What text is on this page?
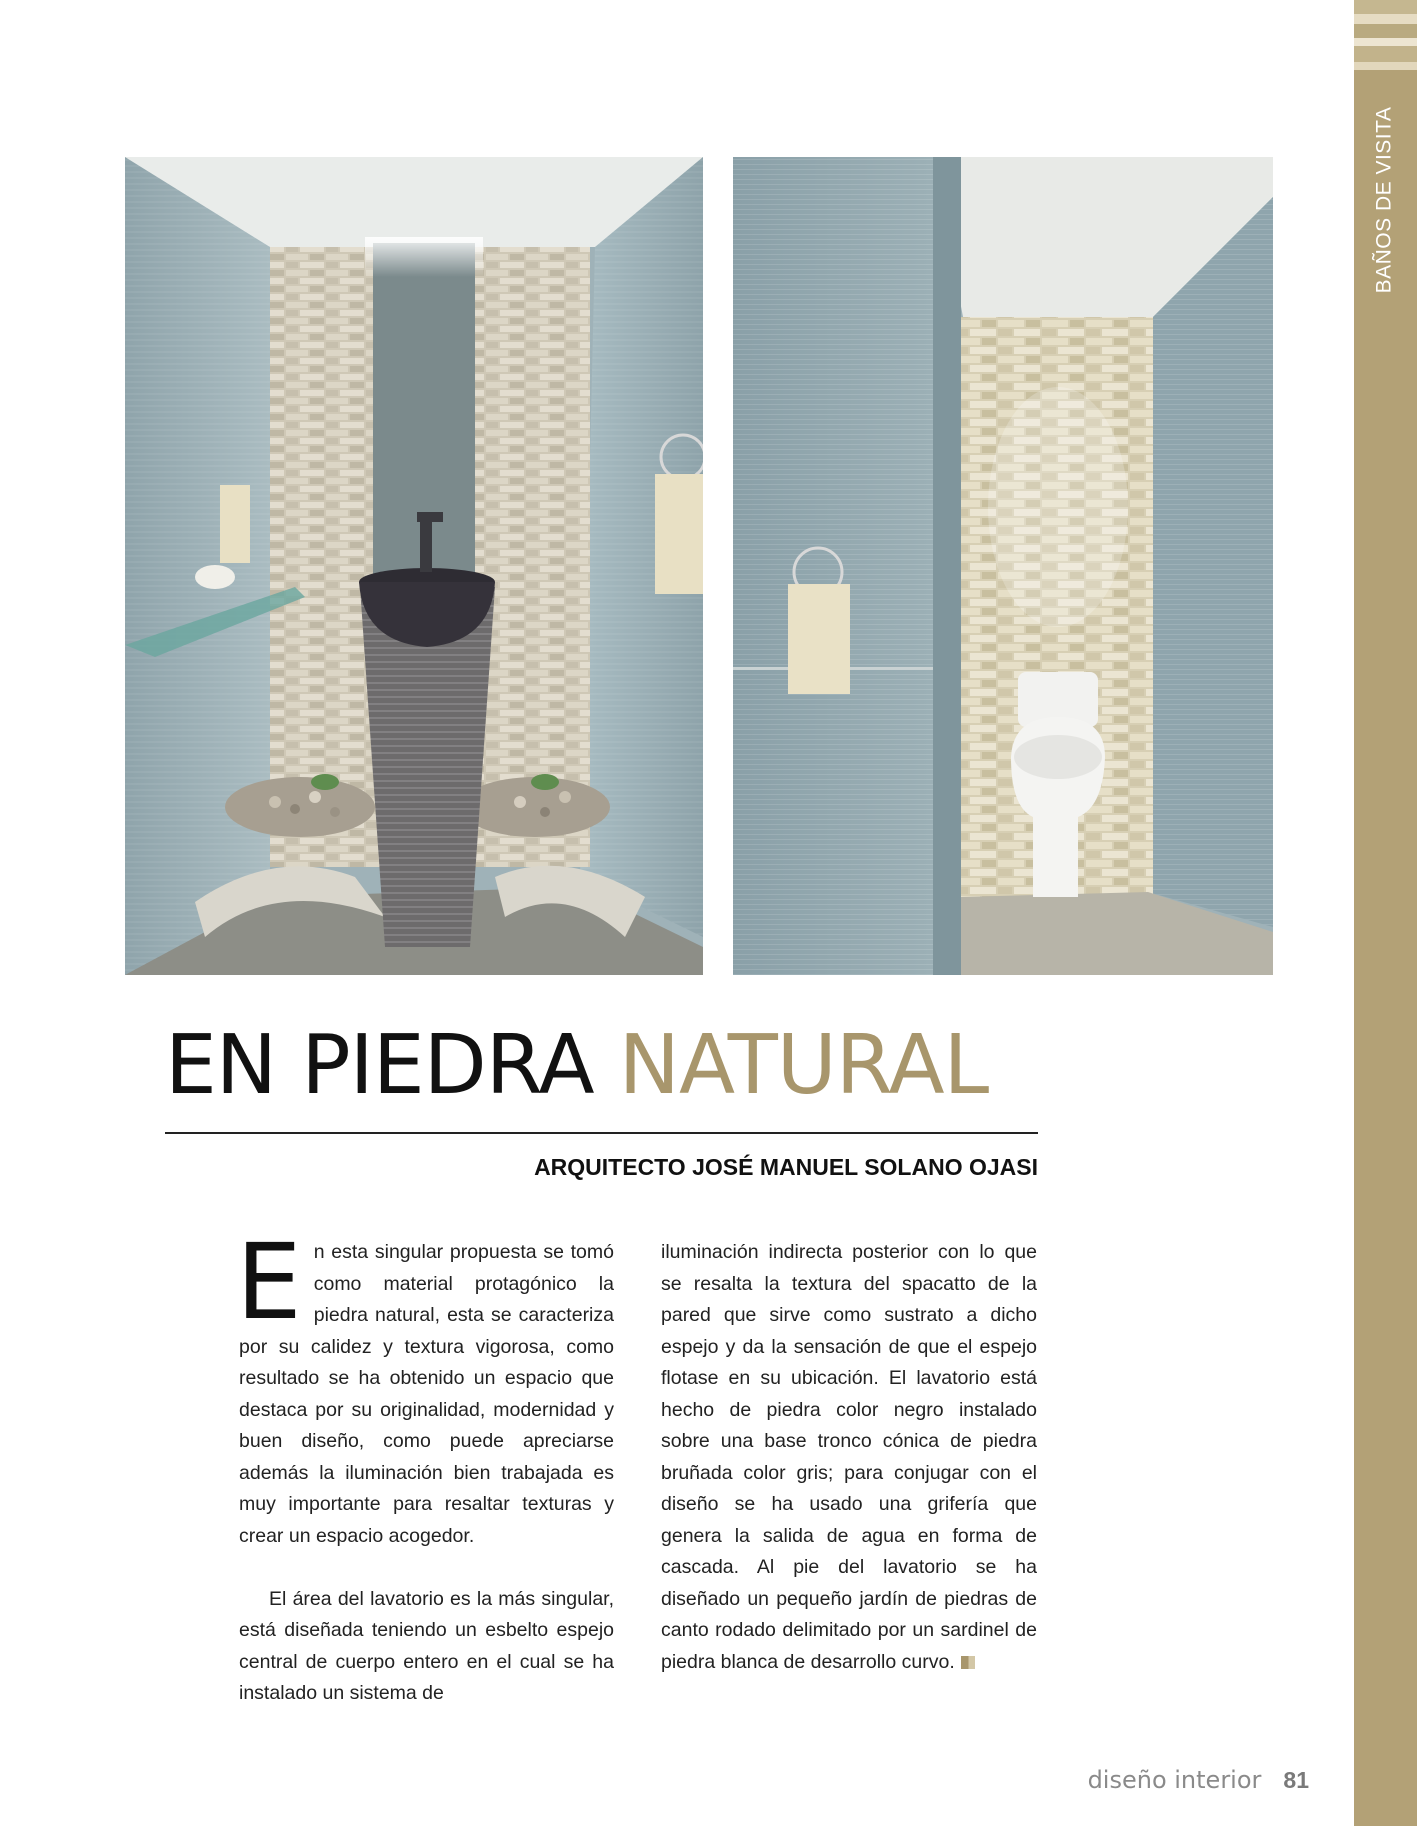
BAÑOS DE VISITA
EN PIEDRA NATURAL
ARQUITECTO JOSÉ MANUEL SOLANO OJASI

En esta singular propuesta se tomó como material protagónico la piedra natural, esta se caracteriza por su calidez y textura vigorosa, como resultado se ha obtenido un espacio que destaca por su originalidad, modernidad y buen diseño, como puede apreciarse además la iluminación bien trabajada es muy importante para resaltar texturas y crear un espacio acogedor.

El área del lavatorio es la más singular, está diseñada teniendo un esbelto espejo central de cuerpo entero en el cual se ha instalado un sistema de

iluminación indirecta posterior con lo que se resalta la textura del spacatto de la pared que sirve como sustrato a dicho espejo y da la sensación de que el espejo flotase en su ubicación. El lavatorio está hecho de piedra color negro instalado sobre una base tronco cónica de piedra bruñada color gris; para conjugar con el diseño se ha usado una grifería que genera la salida de agua en forma de cascada. Al pie del lavatorio se ha diseñado un pequeño jardín de piedras de canto rodado delimitado por un sardinel de piedra blanca de desarrollo curvo.

diseño interior 81
